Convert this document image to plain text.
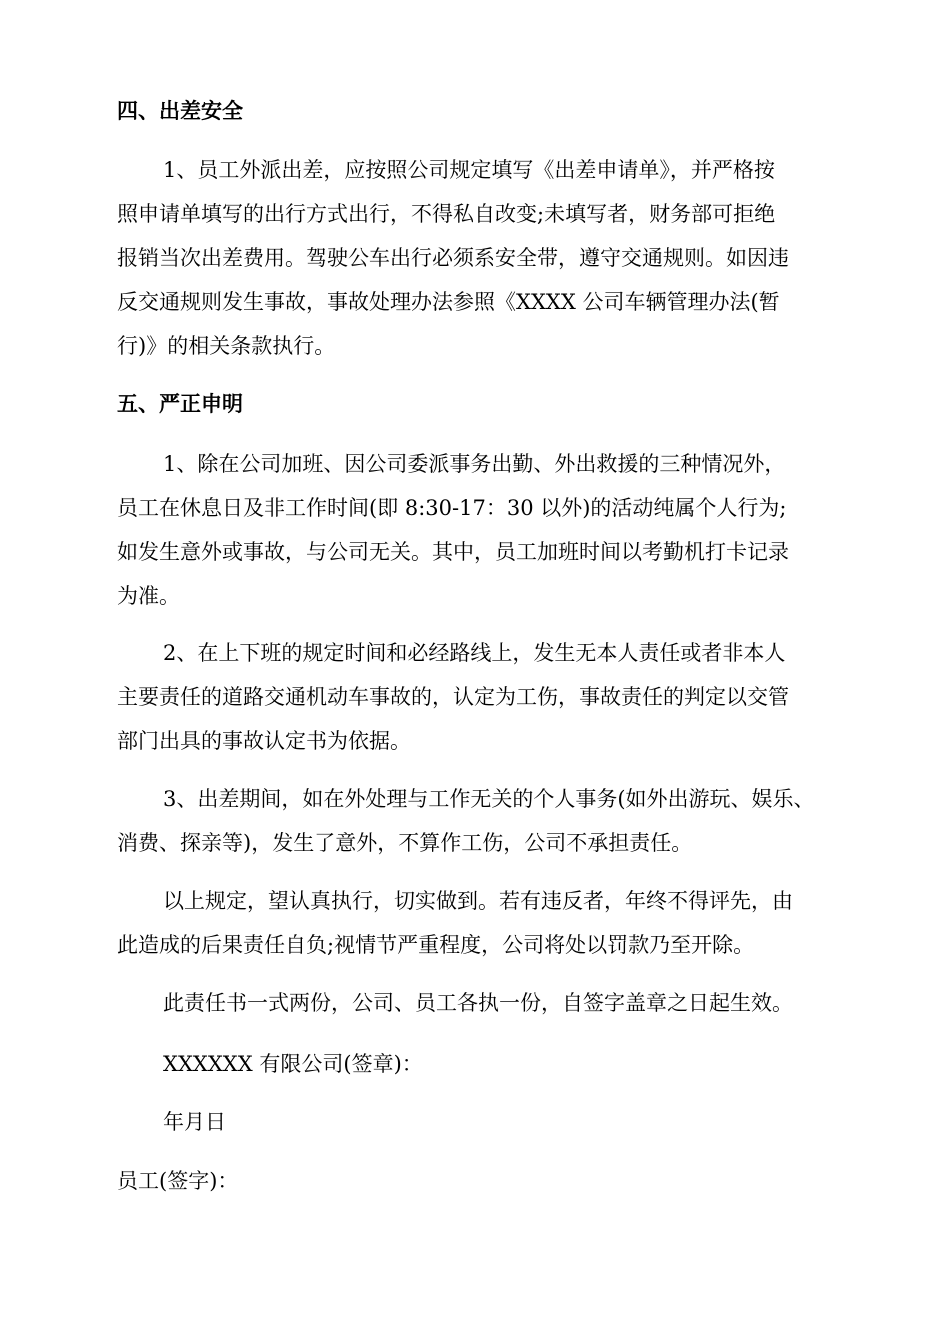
四、出差安全

1、员工外派出差，应按照公司规定填写《出差申请单》，并严格按

照申请单填写的出行方式出行，不得私自改变;未填写者，财务部可拒绝

报销当次出差费用。驾驶公车出行必须系安全带，遵守交通规则。如因违

反交通规则发生事故，事故处理办法参照《XXXX 公司车辆管理办法(暂

行)》的相关条款执行。

五、严正申明

1、除在公司加班、因公司委派事务出勤、外出救援的三种情况外，

员工在休息日及非工作时间(即 8:30-17：30 以外)的活动纯属个人行为;

如发生意外或事故，与公司无关。其中，员工加班时间以考勤机打卡记录

为准。

2、在上下班的规定时间和必经路线上，发生无本人责任或者非本人

主要责任的道路交通机动车事故的，认定为工伤，事故责任的判定以交管

部门出具的事故认定书为依据。

3、出差期间，如在外处理与工作无关的个人事务(如外出游玩、娱乐、

消费、探亲等)，发生了意外，不算作工伤，公司不承担责任。

以上规定，望认真执行，切实做到。若有违反者，年终不得评先，由

此造成的后果责任自负;视情节严重程度，公司将处以罚款乃至开除。

此责任书一式两份，公司、员工各执一份，自签字盖章之日起生效。

XXXXXX 有限公司(签章)：

年月日

员工(签字)：
